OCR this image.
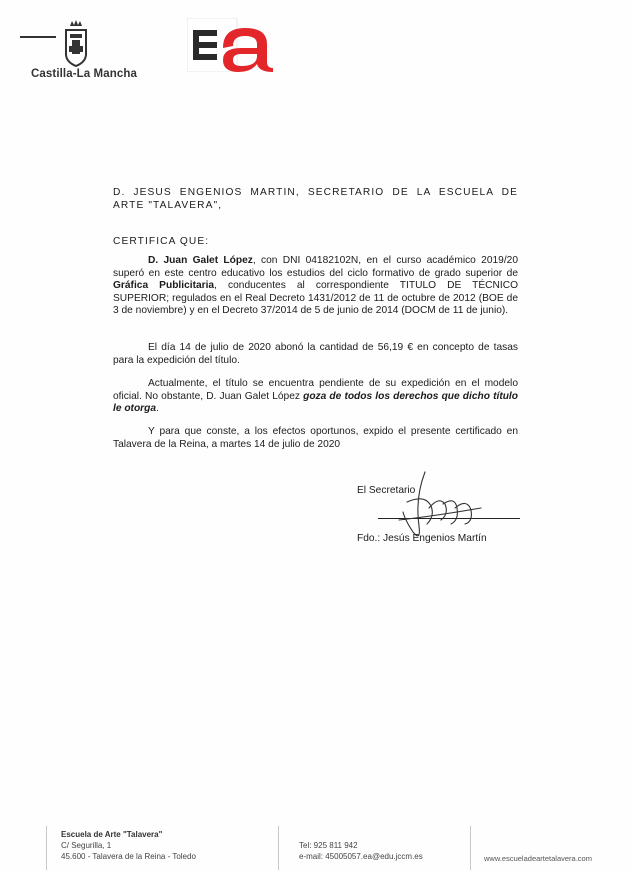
Castilla-La Mancha
D. JESUS ENGENIOS MARTIN, SECRETARIO DE LA ESCUELA DE ARTE "TALAVERA",
CERTIFICA QUE:
D. Juan Galet López, con DNI 04182102N, en el curso académico 2019/20 superó en este centro educativo los estudios del ciclo formativo de grado superior de Gráfica Publicitaria, conducentes al correspondiente TITULO DE TÉCNICO SUPERIOR; regulados en el Real Decreto 1431/2012 de 11 de octubre de 2012 (BOE de 3 de noviembre) y en el Decreto 37/2014 de 5 de junio de 2014 (DOCM de 11 de junio).
El día 14 de julio de 2020 abonó la cantidad de 56,19 € en concepto de tasas para la expedición del título.
Actualmente, el título se encuentra pendiente de su expedición en el modelo oficial. No obstante, D. Juan Galet López goza de todos los derechos que dicho título le otorga.
Y para que conste, a los efectos oportunos, expido el presente certificado en Talavera de la Reina, a martes 14 de julio de 2020
El Secretario
Fdo.: Jesús Engenios Martín
Escuela de Arte "Talavera"
C/ Segurilla, 1
45.600 - Talavera de la Reina - Toledo
Tel: 925 811 942
e-mail: 45005057.ea@edu.jccm.es	www.escueladeartetalavera.com
